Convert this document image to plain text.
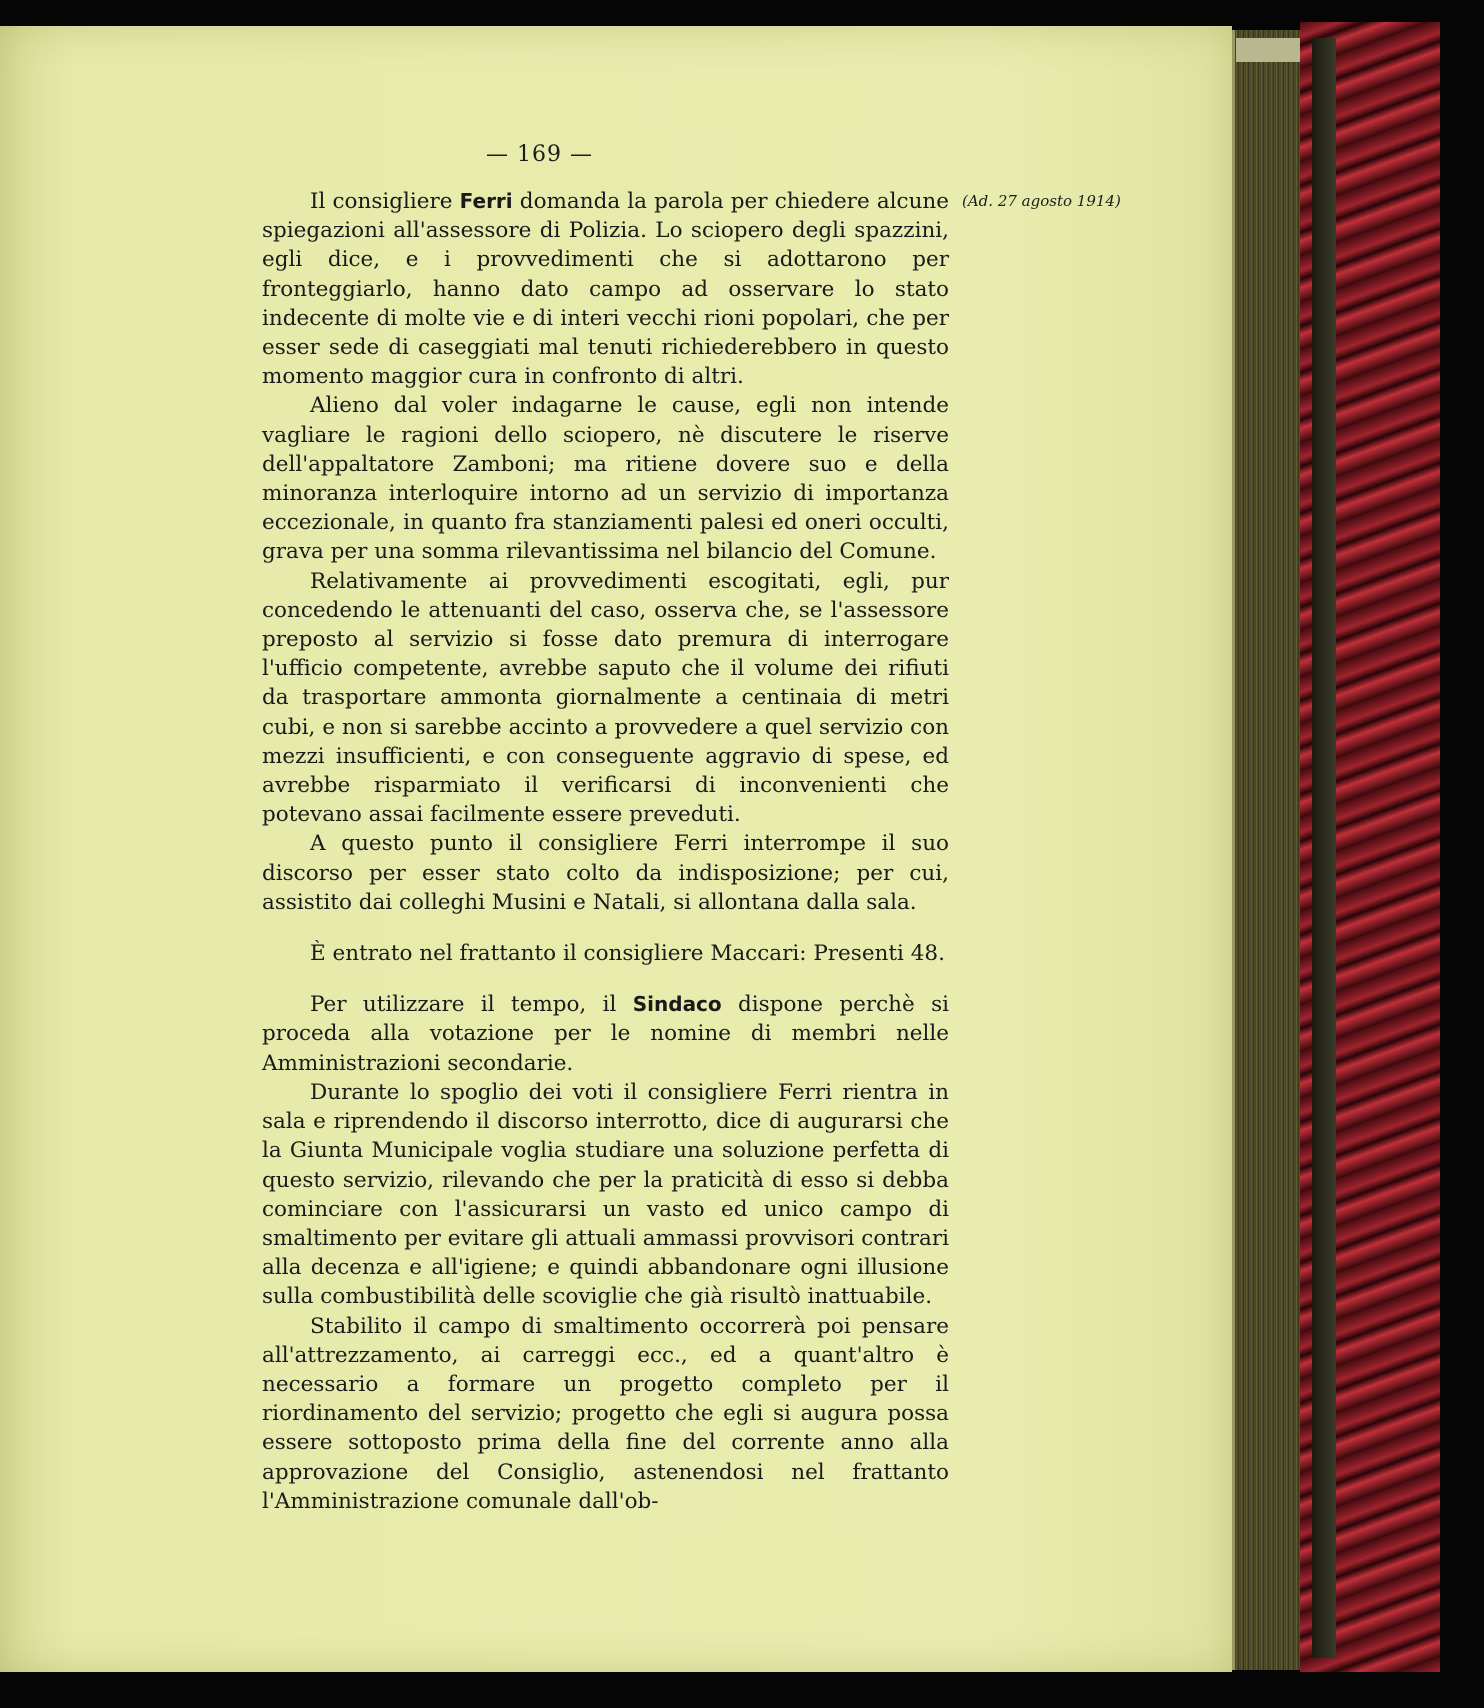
— 169 —
(Ad. 27 agosto 1914)

Il consigliere Ferri domanda la parola per chiedere alcune spiegazioni all'assessore di Polizia. Lo sciopero degli spazzini, egli dice, e i provvedimenti che si adottarono per fronteggiarlo, hanno dato campo ad osservare lo stato indecente di molte vie e di interi vecchi rioni popolari, che per esser sede di caseggiati mal tenuti richiederebbero in questo momento maggior cura in confronto di altri.

Alieno dal voler indagarne le cause, egli non intende vagliare le ragioni dello sciopero, nè discutere le riserve dell'appaltatore Zamboni; ma ritiene dovere suo e della minoranza interloquire intorno ad un servizio di importanza eccezionale, in quanto fra stanziamenti palesi ed oneri occulti, grava per una somma rilevantissima nel bilancio del Comune.

Relativamente ai provvedimenti escogitati, egli, pur concedendo le attenuanti del caso, osserva che, se l'assessore preposto al servizio si fosse dato premura di interrogare l'ufficio competente, avrebbe saputo che il volume dei rifiuti da trasportare ammonta giornalmente a centinaia di metri cubi, e non si sarebbe accinto a provvedere a quel servizio con mezzi insufficienti, e con conseguente aggravio di spese, ed avrebbe risparmiato il verificarsi di inconvenienti che potevano assai facilmente essere preveduti.

A questo punto il consigliere Ferri interrompe il suo discorso per esser stato colto da indisposizione; per cui, assistito dai colleghi Musini e Natali, si allontana dalla sala.

È entrato nel frattanto il consigliere Maccari: Presenti 48.

Per utilizzare il tempo, il Sindaco dispone perchè si proceda alla votazione per le nomine di membri nelle Amministrazioni secondarie.

Durante lo spoglio dei voti il consigliere Ferri rientra in sala e riprendendo il discorso interrotto, dice di augurarsi che la Giunta Municipale voglia studiare una soluzione perfetta di questo servizio, rilevando che per la praticità di esso si debba cominciare con l'assicurarsi un vasto ed unico campo di smaltimento per evitare gli attuali ammassi provvisori contrari alla decenza e all'igiene; e quindi abbandonare ogni illusione sulla combustibilità delle scoviglie che già risultò inattuabile.

Stabilito il campo di smaltimento occorrerà poi pensare all'attrezzamento, ai carreggi ecc., ed a quant'altro è necessario a formare un progetto completo per il riordinamento del servizio; progetto che egli si augura possa essere sottoposto prima della fine del corrente anno alla approvazione del Consiglio, astenendosi nel frattanto l'Amministrazione comunale dall'ob-
